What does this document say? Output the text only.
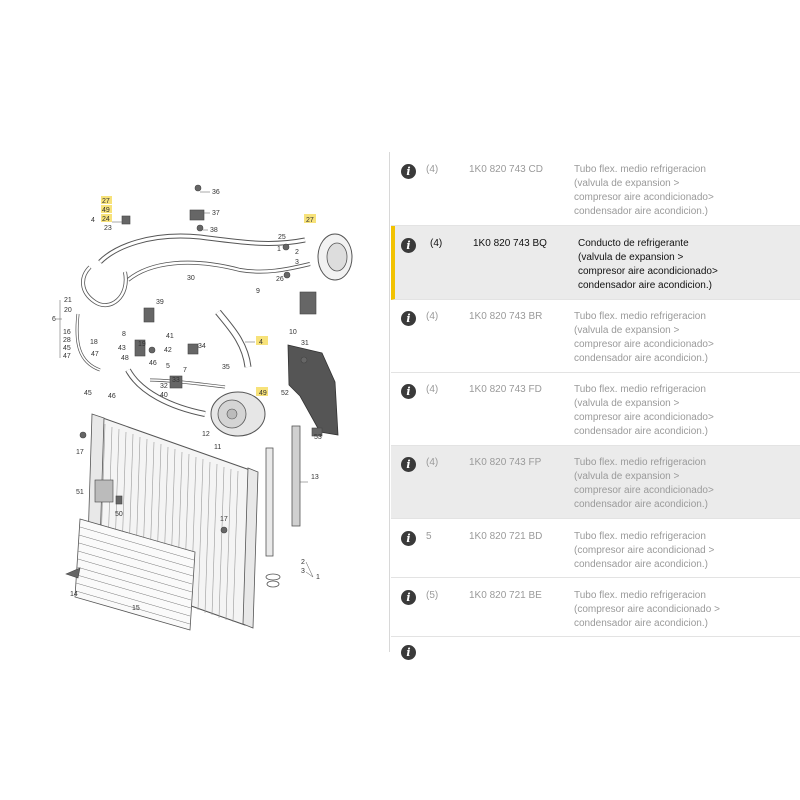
36
37
38
27
49
24
4
23
27
25
1 2
3
26
9
30
39
21
20
6
16
28
45
47
18
8	41
19
42
43	34
46 5
7
48
47
31
10
4
35
33
32
40
45 46	49 52
12
11
53
13
17
51
50
17
2
3
1
14
15
i	(4)	1K0 820 743 CD	Tubo flex. medio refrigeracion
(valvula de expansion >
compresor aire acondicionado>
condensador aire acondicion.)
i	(4)	1K0 820 743 BQ	Conducto de refrigerante
(valvula de expansion >
compresor aire acondicionado>
condensador aire acondicion.)
i	(4)	1K0 820 743 BR	Tubo flex. medio refrigeracion
(valvula de expansion >
compresor aire acondicionado>
condensador aire acondicion.)
i	(4)	1K0 820 743 FD	Tubo flex. medio refrigeracion
(valvula de expansion >
compresor aire acondicionado>
condensador aire acondicion.)
i	(4)	1K0 820 743 FP	Tubo flex. medio refrigeracion
(valvula de expansion >
compresor aire acondicionado>
condensador aire acondicion.)
i	5	1K0 820 721 BD	Tubo flex. medio refrigeracion
(compresor aire acondicionad >
condensador aire acondicion.)
i	(5)	1K0 820 721 BE	Tubo flex. medio refrigeracion
(compresor aire acondicionado >
condensador aire acondicion.)
i
